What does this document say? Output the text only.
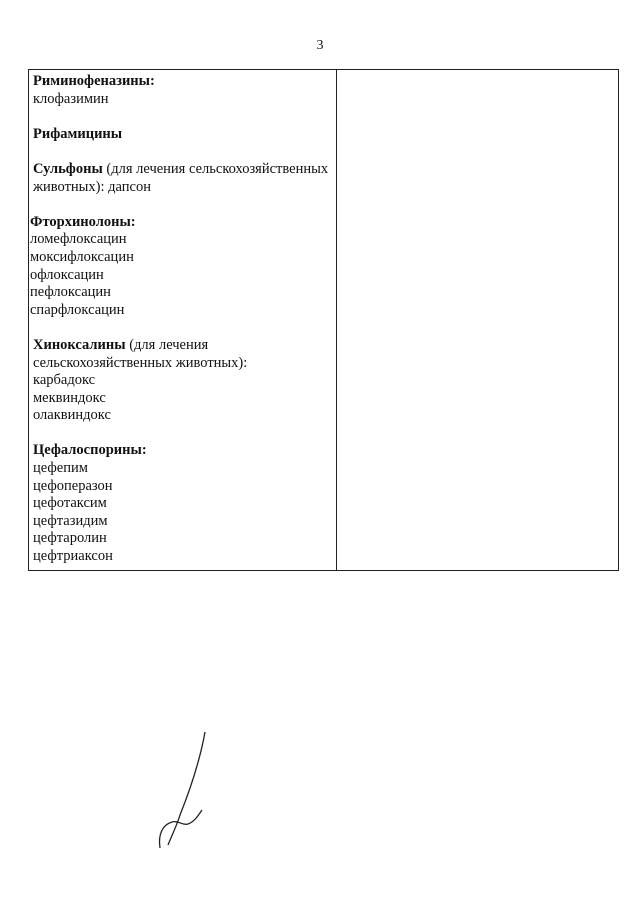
3
Риминофеназины:
клофазимин
Рифамицины
Сульфоны (для лечения сельскохозяйственных
животных): дапсон
Фторхинолоны:
ломефлоксацин
моксифлоксацин
офлоксацин
пефлоксацин
спарфлоксацин
Хиноксалины (для лечения
сельскохозяйственных животных):
карбадокс
меквиндокс
олаквиндокс
Цефалоспорины:
цефепим
цефоперазон
цефотаксим
цефтазидим
цефтаролин
цефтриаксон
